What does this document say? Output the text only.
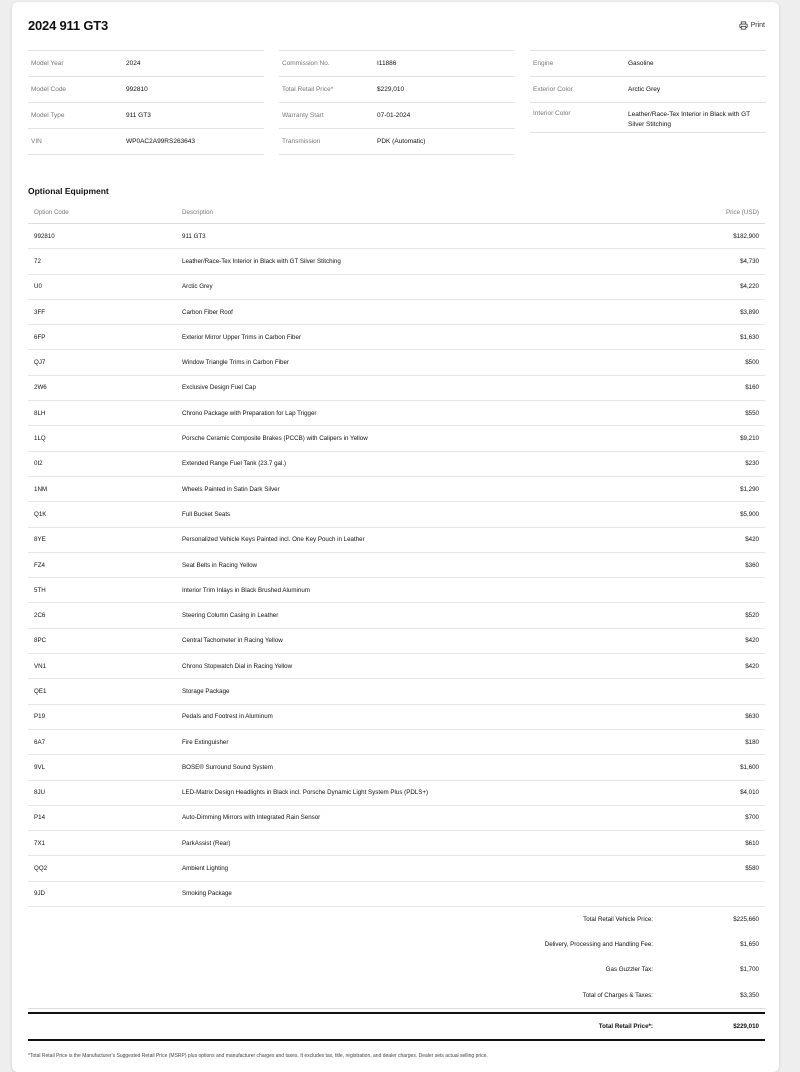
2024 911 GT3	Print
Model Year	2024
Model Code	992810
Model Type	911 GT3
VIN	WP0AC2A99RS263643
Commission No.	I11886
Total Retail Price*	$229,010
Warranty Start	07-01-2024
Transmission	PDK (Automatic)
Engine	Gasoline
Exterior Color	Arctic Grey
Interior Color	Leather/Race-Tex Interior in Black with GT Silver Stitching
Optional Equipment
Option Code	Description	Price (USD)
992810	911 GT3	$182,900
72	Leather/Race-Tex Interior in Black with GT Silver Stitching	$4,730
U0	Arctic Grey	$4,220
3FF	Carbon Fiber Roof	$3,890
6FP	Exterior Mirror Upper Trims in Carbon Fiber	$1,630
QJ7	Window Triangle Trims in Carbon Fiber	$500
2W6	Exclusive Design Fuel Cap	$160
8LH	Chrono Package with Preparation for Lap Trigger	$550
1LQ	Porsche Ceramic Composite Brakes (PCCB) with Calipers in Yellow	$9,210
0I2	Extended Range Fuel Tank (23.7 gal.)	$230
1NM	Wheels Painted in Satin Dark Silver	$1,290
Q1K	Full Bucket Seats	$5,900
8YE	Personalized Vehicle Keys Painted incl. One Key Pouch in Leather	$420
FZ4	Seat Belts in Racing Yellow	$360
5TH	Interior Trim Inlays in Black Brushed Aluminum
2C6	Steering Column Casing in Leather	$520
8PC	Central Tachometer in Racing Yellow	$420
VN1	Chrono Stopwatch Dial in Racing Yellow	$420
QE1	Storage Package
P19	Pedals and Footrest in Aluminum	$630
6A7	Fire Extinguisher	$180
9VL	BOSE® Surround Sound System	$1,600
8JU	LED-Matrix Design Headlights in Black incl. Porsche Dynamic Light System Plus (PDLS+)	$4,010
P14	Auto-Dimming Mirrors with Integrated Rain Sensor	$700
7X1	ParkAssist (Rear)	$610
QQ2	Ambient Lighting	$580
9JD	Smoking Package
Total Retail Vehicle Price:	$225,660
Delivery, Processing and Handling Fee:	$1,650
Gas Guzzler Tax:	$1,700
Total of Charges & Taxes:	$3,350
Total Retail Price*:	$229,010
*Total Retail Price is the Manufacturer's Suggested Retail Price (MSRP) plus options and manufacturer charges and taxes. It excludes tax, title, registration, and dealer charges. Dealer sets actual selling price.
